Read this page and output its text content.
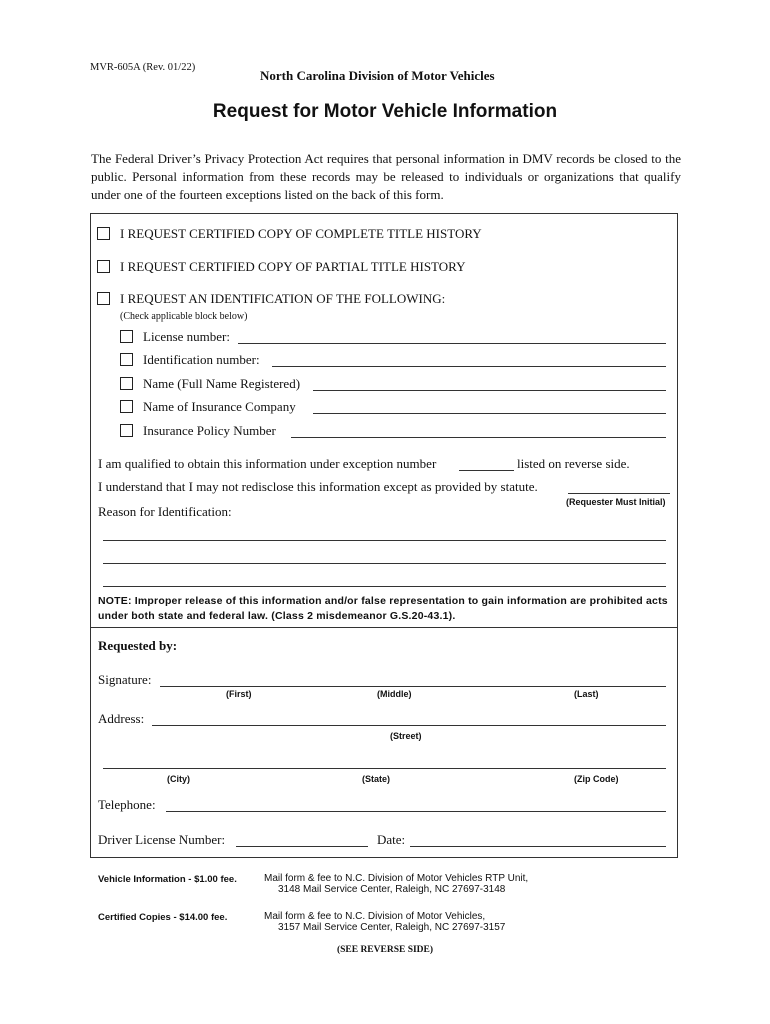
MVR-605A (Rev. 01/22)
North Carolina Division of Motor Vehicles
Request for Motor Vehicle Information
The Federal Driver’s Privacy Protection Act requires that personal information in DMV records be closed to the public. Personal information from these records may be released to individuals or organizations that qualify under one of the fourteen exceptions listed on the back of this form.
I REQUEST CERTIFIED COPY OF COMPLETE TITLE HISTORY
I REQUEST CERTIFIED COPY OF PARTIAL TITLE HISTORY
I REQUEST AN IDENTIFICATION OF THE FOLLOWING:
(Check applicable block below)
License number:
Identification number:
Name (Full Name Registered)
Name of Insurance Company
Insurance Policy Number
I am qualified to obtain this information under exception number	listed on reverse side.
I understand that I may not redisclose this information except as provided by statute.
(Requester Must Initial)
Reason for Identification:
NOTE: Improper release of this information and/or false representation to gain information are prohibited acts under both state and federal law. (Class 2 misdemeanor G.S.20-43.1).
Requested by:
Signature:
(First)	(Middle)	(Last)
Address:
(Street)
(City)	(State)	(Zip Code)
Telephone:
Driver License Number:	Date:
Vehicle Information - $1.00 fee.	Mail form & fee to N.C. Division of Motor Vehicles RTP Unit,
3148 Mail Service Center, Raleigh, NC 27697-3148
Certified Copies - $14.00 fee.	Mail form & fee to N.C. Division of Motor Vehicles,
3157 Mail Service Center, Raleigh, NC 27697-3157
(SEE REVERSE SIDE)
